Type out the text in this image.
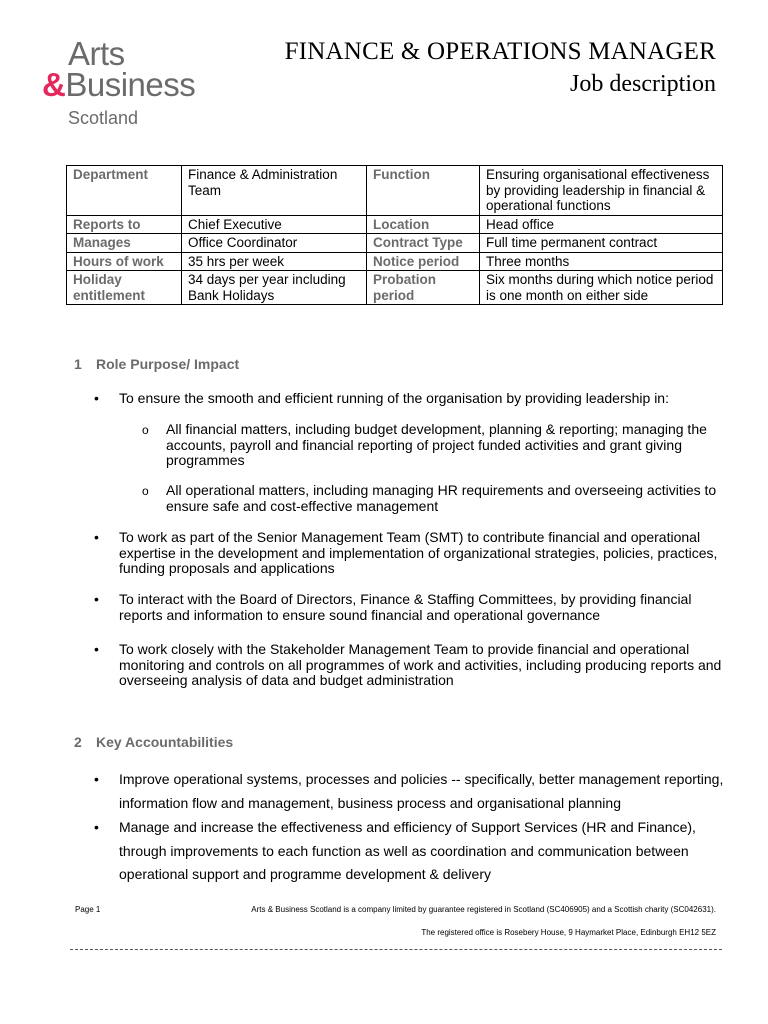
Arts
&Business
Scotland
FINANCE & OPERATIONS MANAGER
Job description
Department	Finance & Administration Team	Function	Ensuring organisational effectiveness by providing leadership in financial & operational functions
Reports to	Chief Executive	Location	Head office
Manages	Office Coordinator	Contract Type	Full time permanent contract
Hours of work	35 hrs per week	Notice period	Three months
Holiday entitlement	34 days per year including Bank Holidays	Probation period	Six months during which notice period is one month on either side
1 Role Purpose/ Impact
• To ensure the smooth and efficient running of the organisation by providing leadership in:
o All financial matters, including budget development, planning & reporting; managing the accounts, payroll and financial reporting of project funded activities and grant giving programmes
o All operational matters, including managing HR requirements and overseeing activities to ensure safe and cost-effective management
• To work as part of the Senior Management Team (SMT) to contribute financial and operational expertise in the development and implementation of organizational strategies, policies, practices, funding proposals and applications
• To interact with the Board of Directors, Finance & Staffing Committees, by providing financial reports and information to ensure sound financial and operational governance
• To work closely with the Stakeholder Management Team to provide financial and operational monitoring and controls on all programmes of work and activities, including producing reports and overseeing analysis of data and budget administration
2 Key Accountabilities
• Improve operational systems, processes and policies -- specifically, better management reporting, information flow and management, business process and organisational planning
• Manage and increase the effectiveness and efficiency of Support Services (HR and Finance), through improvements to each function as well as coordination and communication between operational support and programme development & delivery
Page 1	Arts & Business Scotland is a company limited by guarantee registered in Scotland (SC406905) and a Scottish charity (SC042631).
The registered office is Rosebery House, 9 Haymarket Place, Edinburgh EH12 5EZ
